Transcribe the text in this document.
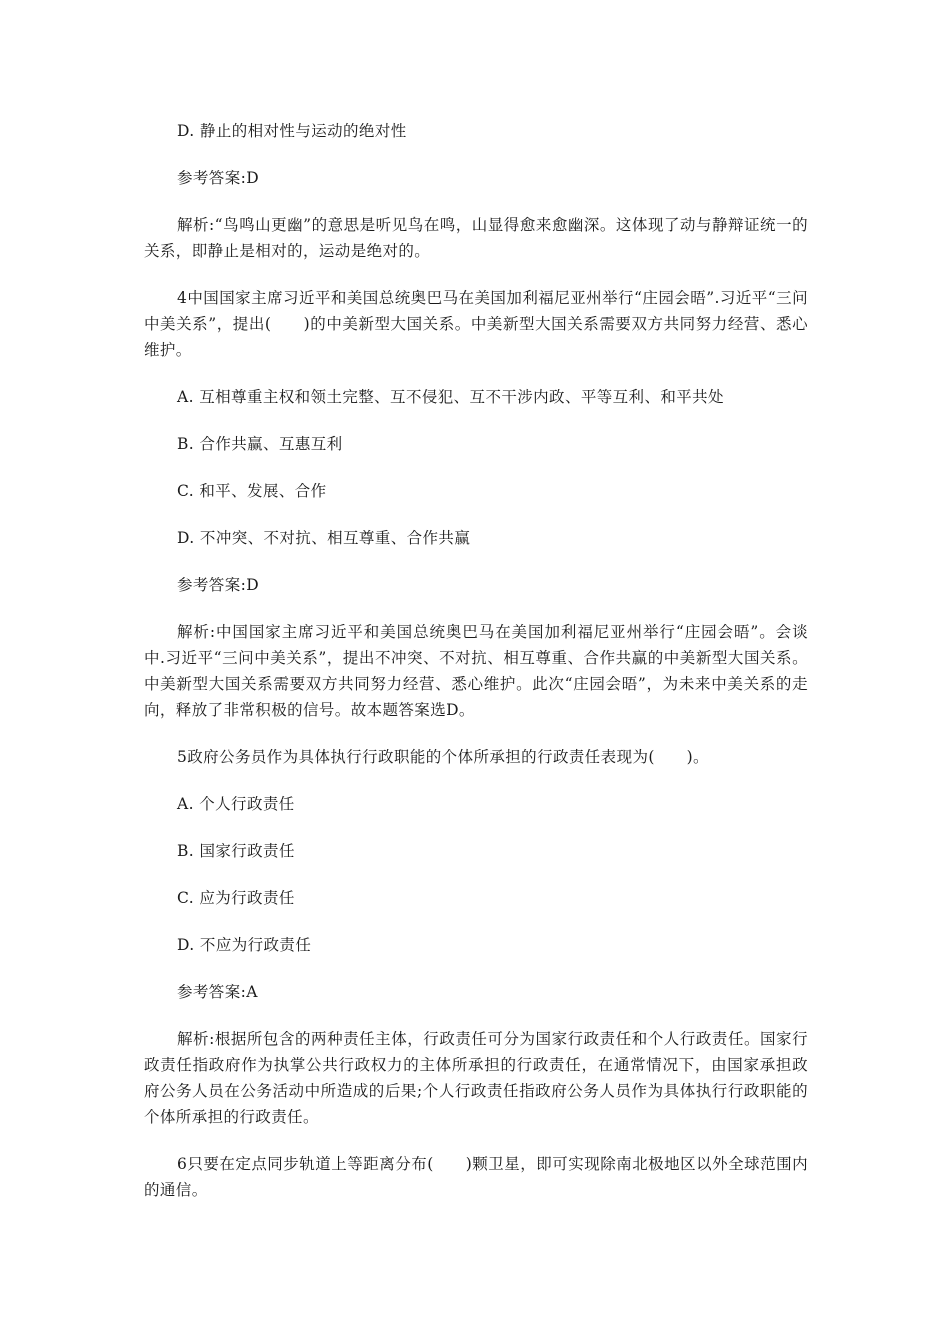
D. 静止的相对性与运动的绝对性

参考答案:D

解析:“鸟鸣山更幽”的意思是听见鸟在鸣，山显得愈来愈幽深。这体现了动与静辩证统一的关系，即静止是相对的，运动是绝对的。

4中国国家主席习近平和美国总统奥巴马在美国加利福尼亚州举行“庄园会晤”.习近平“三问中美关系”，提出(　　)的中美新型大国关系。中美新型大国关系需要双方共同努力经营、悉心维护。

A. 互相尊重主权和领土完整、互不侵犯、互不干涉内政、平等互利、和平共处

B. 合作共赢、互惠互利

C. 和平、发展、合作

D. 不冲突、不对抗、相互尊重、合作共赢

参考答案:D

解析:中国国家主席习近平和美国总统奥巴马在美国加利福尼亚州举行“庄园会晤”。会谈中.习近平“三问中美关系”，提出不冲突、不对抗、相互尊重、合作共赢的中美新型大国关系。中美新型大国关系需要双方共同努力经营、悉心维护。此次“庄园会晤”，为未来中美关系的走向，释放了非常积极的信号。故本题答案选D。

5政府公务员作为具体执行行政职能的个体所承担的行政责任表现为(　　)。

A. 个人行政责任

B. 国家行政责任

C. 应为行政责任

D. 不应为行政责任

参考答案:A

解析:根据所包含的两种责任主体，行政责任可分为国家行政责任和个人行政责任。国家行政责任指政府作为执掌公共行政权力的主体所承担的行政责任，在通常情况下，由国家承担政府公务人员在公务活动中所造成的后果;个人行政责任指政府公务人员作为具体执行行政职能的个体所承担的行政责任。

6只要在定点同步轨道上等距离分布(　　)颗卫星，即可实现除南北极地区以外全球范围内的通信。
